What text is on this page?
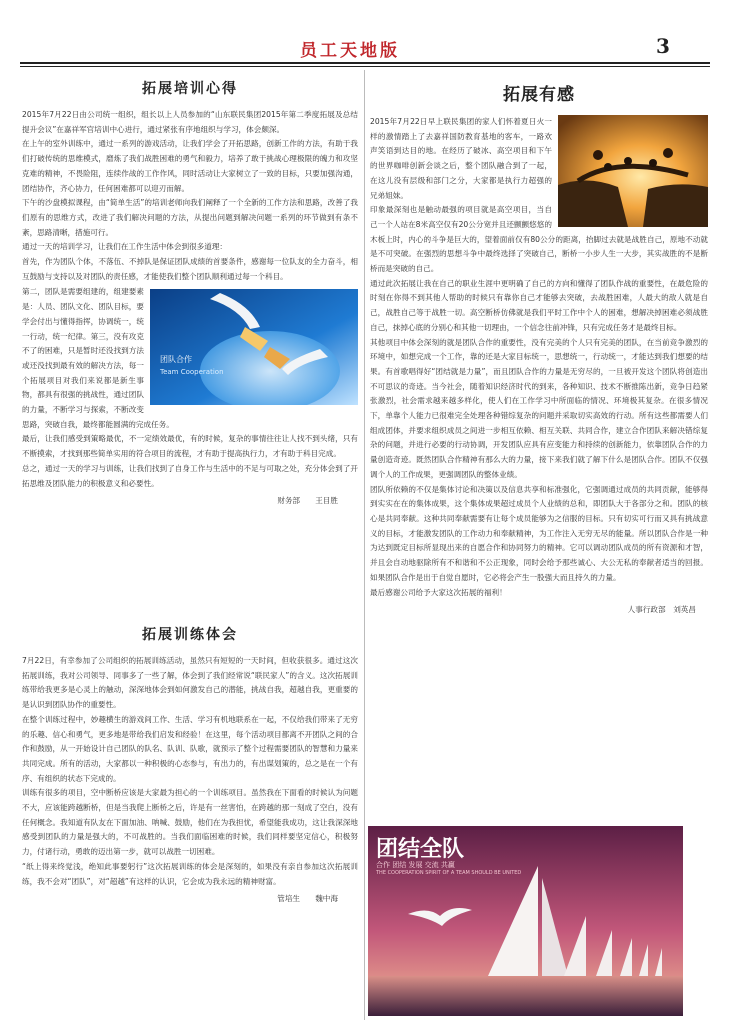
员工天地版	3
拓展培训心得

2015年7月22日由公司统一组织，组长以上人员参加的“山东联民集团2015年第二季度拓展及总结提升会议”在嘉祥军官培训中心进行，通过紧张有序地组织与学习，体会颇深。

在上午的室外训练中，通过一系列的游戏活动，让我们学会了开拓思路，创新工作的方法，有助于我们打破传统的思维模式，磨炼了我们战胜困难的勇气和毅力，培养了敢于挑战心理极限的魄力和攻坚克难的精神，不畏险阻，连续作战的工作作风，同时活动让大家树立了一致的目标，只要加强沟通，团结协作，齐心协力，任何困难都可以迎刃而解。

下午的沙盘模拟课程，由“简单生活”的培训老师向我们阐释了一个全新的工作方法和思路，改善了我们原有的思维方式，改进了我们解决问题的方法，从提出问题到解决问题一系列的环节做到有条不紊，思路清晰，措施可行。

通过一天的培训学习，让我们在工作生活中体会到很多道理：

首先，作为团队个体，不落伍、不掉队是保证团队成绩的首要条件，感谢每一位队友的全力奋斗，相互鼓励与支持以及对团队的责任感，才能使我们整个团队顺利通过每一个科目。

团队合作
Team Cooperation

第二，团队是需要组建的，组建要素是：人员、团队文化、团队目标，要学会付出与懂得指挥，协调统一，统一行动，统一纪律。第三，没有攻克不了的困难，只是暂时还没找到方法或还没找到最有效的解决方法，每一个拓展项目对我们来说都是新生事物，都具有很强的挑战性，通过团队的力量，不断学习与探索，不断改变思路，突破自我，最终都能圆满的完成任务。

最后，让我们感受到策略最优，不一定绩效最优，有的时候，复杂的事情往往让人找不到头绪，只有不断摸索，才找到那些简单实用的符合项目的流程，才有助于提高执行力，才有助于科目完成。

总之，通过一天的学习与训练，让我们找到了自身工作与生活中的不足与可取之处，充分体会到了开拓思维及团队能力的积极意义和必要性。

财务部　　王目胜
拓展训练体会

7月22日，有幸参加了公司组织的拓展训练活动，虽然只有短短的一天时间，但收获很多。通过这次拓展训练，我对公司领导、同事多了一些了解，体会到了我们经常说“联民家人”的含义。这次拓展训练带给我更多是心灵上的触动，深深地体会到如何激发自己的潜能，挑战自我，超越自我，更重要的是认识到团队协作的重要性。

在整个训练过程中，妙趣横生的游戏间工作、生活、学习有机地联系在一起，不仅给我们带来了无穷的乐趣、信心和勇气，更多地是带给我们启发和经验！在这里，每个活动项目都离不开团队之间的合作和鼓励，从一开始设计自己团队的队名、队训、队歌，就预示了整个过程需要团队的智慧和力量来共同完成。所有的活动，大家都以一种积极的心态参与，有出力的，有出谋划策的，总之是在一个有序、有组织的状态下完成的。

训练有很多的项目，空中断桥应该是大家最为担心的一个训练项目。虽然我在下面看的时候认为问题不大，应该能跨越断桥，但是当我爬上断桥之后，许是有一丝害怕，在跨越的那一刻成了空白，没有任何概念。我知道有队友在下面加油、呐喊、鼓励，他们在为我担忧，希望能我成功，这让我深深地感受到团队的力量是强大的，不可战胜的。当我们面临困难的时候，我们同样要坚定信心，积极努力，付诸行动，勇敢的迈出第一步，就可以战胜一切困难。

“纸上得来终觉浅，绝知此事要躬行”这次拓展训练的体会是深刻的，如果没有亲自参加这次拓展训练，我不会对“团队”，对“超越”有这样的认识，它会成为我永远的精神财富。

管培生　　魏中海
拓展有感

2015年7月22日早上联民集团的家人们怀着夏日火一样的激情踏上了去嘉祥国防教育基地的客车，一路欢声笑语到达目的地。在经历了破冰、高空项目和下午的世界咖啡创新会谈之后，整个团队融合到了一起，在这儿没有层级和部门之分，大家都是执行力超强的兄弟姐妹。

印象最深刻也是触动最强的项目就是高空项目，当自己一个人站在8米高空仅有20公分宽并且还颤颤悠悠的木板上时，内心的斗争是巨大的，望着面前仅有80公分的距离，抬脚过去就是战胜自己，原地不动就是不可突破。在强烈的思想斗争中最终选择了突破自己，断桥一小步人生一大步，其实战胜的不是断桥而是突破的自己。

通过此次拓展让我在自己的职业生涯中更明确了自己的方向和懂得了团队作战的重要性，在最危险的时刻在你得不到其他人帮助的时候只有靠你自己才能够去突破，去战胜困难，人最大的敌人就是自己，战胜自己等于战胜一切。高空断桥仿佛就是我们平时工作中个人的困难，想解决掉困难必须战胜自己，抹掉心底的分别心和其他一切理由，一个信念往前冲锋，只有完成任务才是最终目标。

其他项目中体会深刻的就是团队合作的重要性，没有完美的个人只有完美的团队，在当前竞争激烈的环境中，如想完成一个工作，靠的还是大家目标统一，思想统一，行动统一，才能达到我们想要的结果。有首歌唱得好“团结就是力量”，而且团队合作的力量是无穷尽的，一旦被开发这个团队将创造出不可思议的奇迹。当今社会，随着知识经济时代的到来，各种知识、技术不断推陈出新，竞争日趋紧张激烈，社会需求越来越多样化，使人们在工作学习中所面临的情况、环境极其复杂。在很多情况下，单靠个人能力已很难完全处理各种错综复杂的问题并采取切实高效的行动。所有这些都需要人们组成团体，并要求组织成员之间进一步相互依赖、相互关联、共同合作，建立合作团队来解决错综复杂的问题，并进行必要的行动协调，开发团队应具有应变能力和持续的创新能力，依靠团队合作的力量创造奇迹。既然团队合作精神有那么大的力量，接下来我们就了解下什么是团队合作。团队不仅强调个人的工作成果，更强调团队的整体业绩。

团队所依赖的不仅是集体讨论和决策以及信息共享和标准强化，它强调通过成员的共同贡献，能够得到实实在在的集体成果，这个集体成果超过成员个人业绩的总和，即团队大于各部分之和。团队的核心是共同奉献。这种共同奉献需要有让每个成员能够为之信服的目标。只有切实可行而又具有挑战意义的目标，才能激发团队的工作动力和奉献精神，为工作注入无穷无尽的能量。所以团队合作是一种为达到既定目标所显现出来的自愿合作和协同努力的精神。它可以调动团队成员的所有资源和才智，并且会自动地驱除所有不和谐和不公正现象，同时会给予那些诚心、大公无私的奉献者适当的回报。如果团队合作是出于自觉自愿时，它必将会产生一股强大而且持久的力量。

最后感谢公司给予大家这次拓展的福利！

人事行政部　刘英昌
团结全队
合作 团结 发展 交流 共赢
THE COOPERATION SPIRIT OF A TEAM SHOULD BE UNITED
